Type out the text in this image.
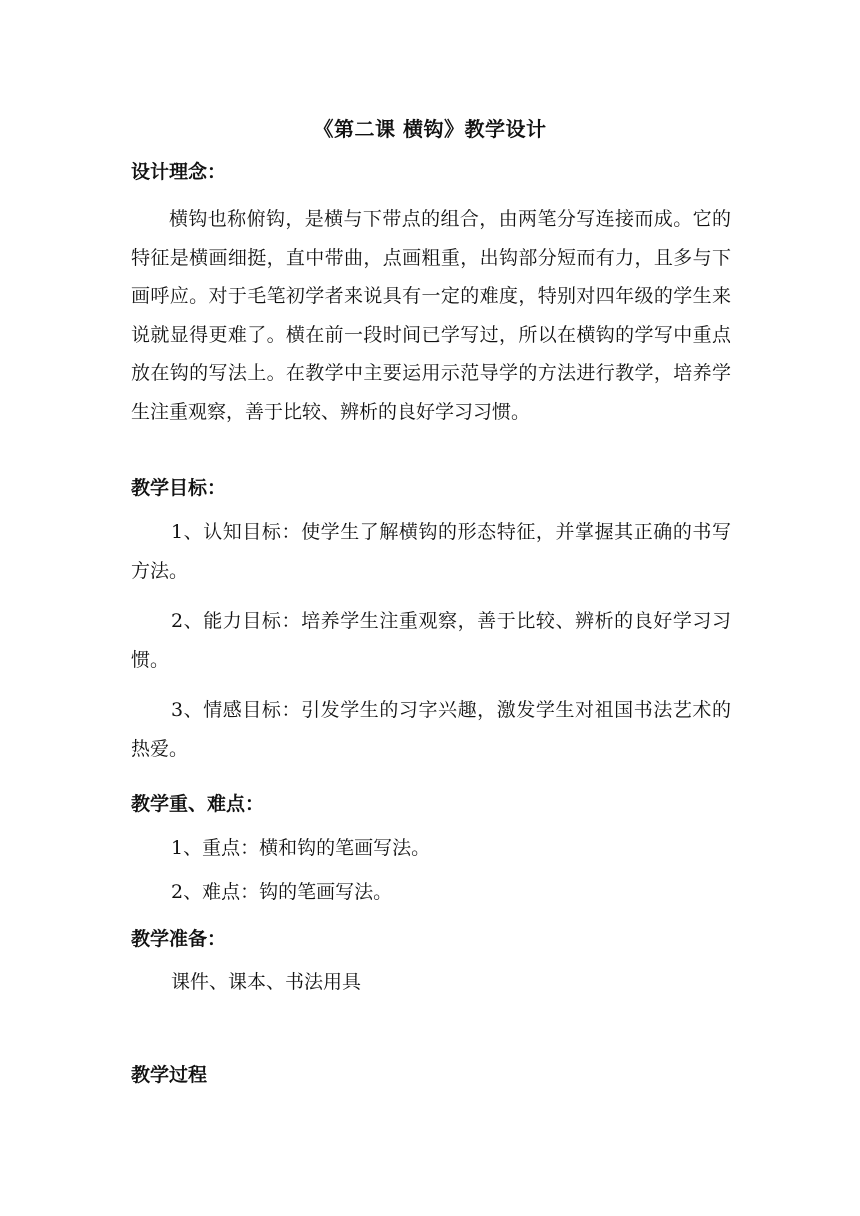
《第二课 横钩》教学设计
设计理念：
横钩也称俯钩，是横与下带点的组合，由两笔分写连接而成。它的特征是横画细挺，直中带曲，点画粗重，出钩部分短而有力，且多与下画呼应。对于毛笔初学者来说具有一定的难度，特别对四年级的学生来说就显得更难了。横在前一段时间已学写过，所以在横钩的学写中重点放在钩的写法上。在教学中主要运用示范导学的方法进行教学，培养学生注重观察，善于比较、辨析的良好学习习惯。
教学目标：
1、认知目标：使学生了解横钩的形态特征，并掌握其正确的书写方法。
2、能力目标：培养学生注重观察，善于比较、辨析的良好学习习惯。
3、情感目标：引发学生的习字兴趣，激发学生对祖国书法艺术的热爱。
教学重、难点：
1、重点：横和钩的笔画写法。
2、难点：钩的笔画写法。
教学准备：
课件、课本、书法用具
教学过程
